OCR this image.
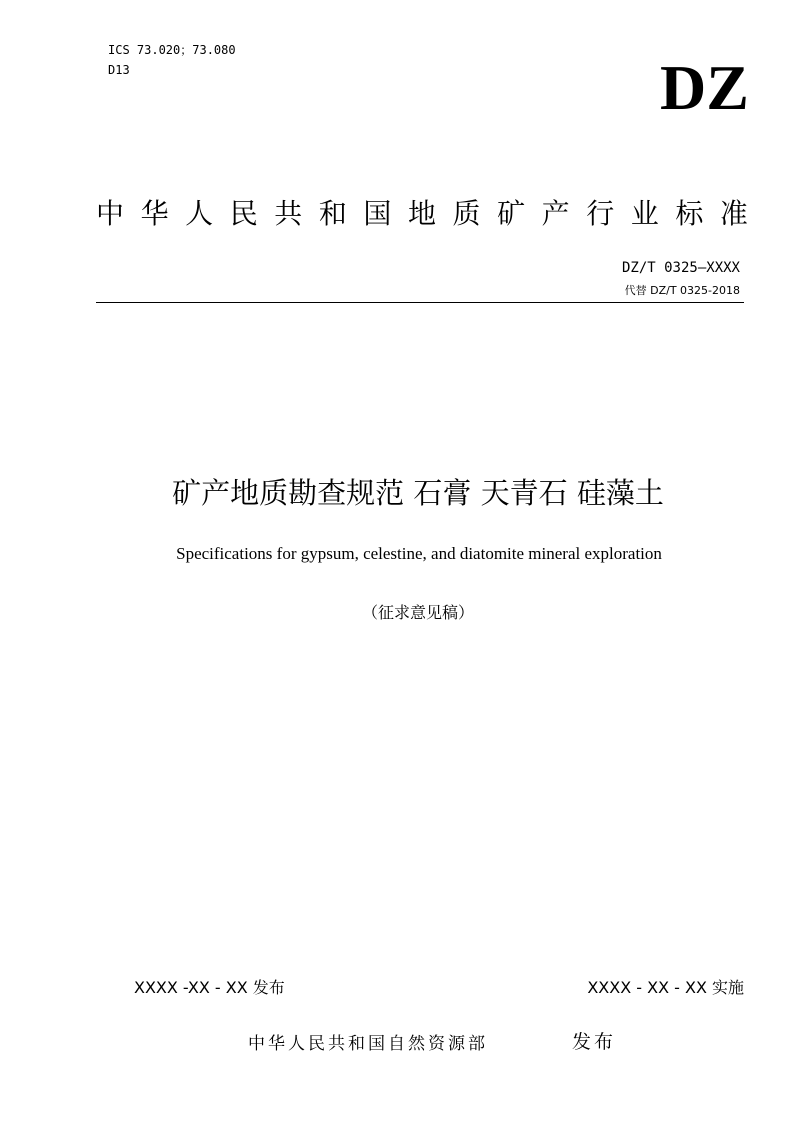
ICS 73.020；73.080
D13	DZ
中 华 人 民 共 和 国 地 质 矿 产 行 业 标 准
DZ/T 0325—XXXX
代替 DZ/T 0325-2018
矿产地质勘查规范 石膏 天青石 硅藻土
Specifications for gypsum, celestine, and diatomite mineral exploration
（征求意见稿）
XXXX -XX - XX 发布	XXXX - XX - XX 实施
中华人民共和国自然资源部	发布
